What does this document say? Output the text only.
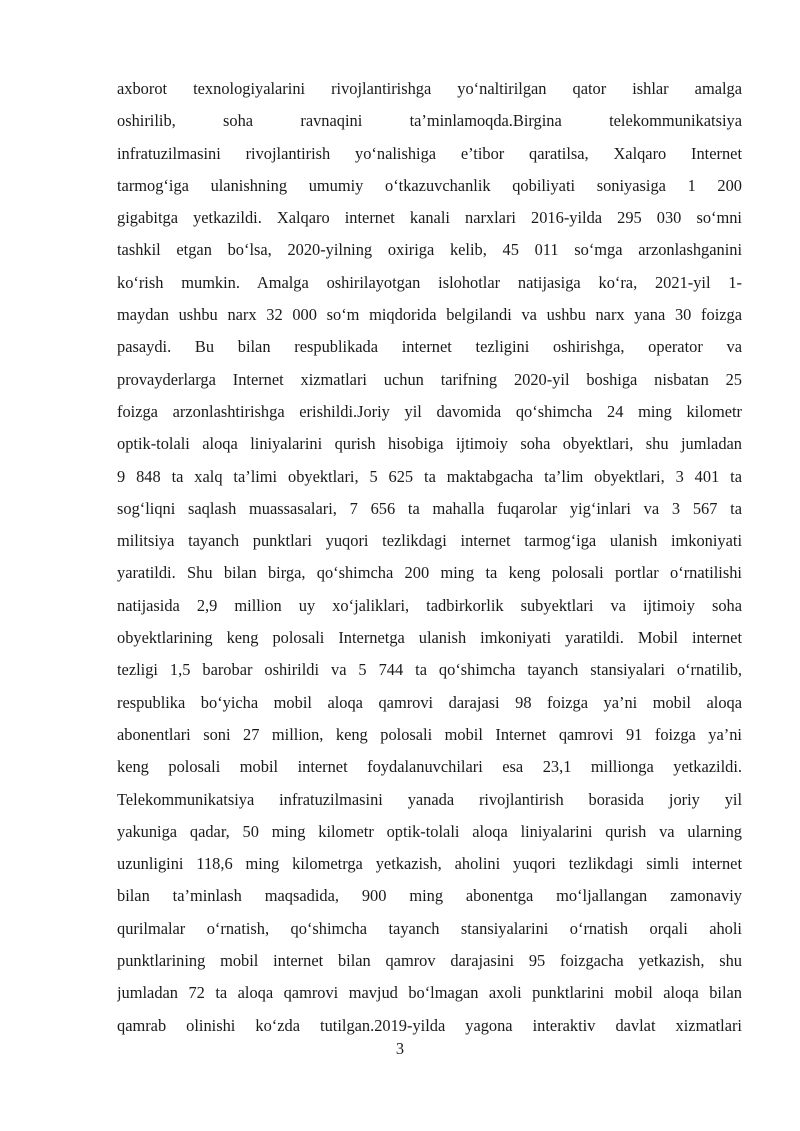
axborot texnologiyalarini rivojlantirishga yo‘naltirilgan qator ishlar amalga
oshirilib, soha ravnaqini ta’minlamoqda.Birgina telekommunikatsiya
infratuzilmasini rivojlantirish yo‘nalishiga e’tibor qaratilsa, Xalqaro Internet
tarmog‘iga ulanishning umumiy o‘tkazuvchanlik qobiliyati soniyasiga 1 200
gigabitga yetkazildi. Xalqaro internet kanali narxlari 2016-yilda 295 030 so‘mni
tashkil etgan bo‘lsa, 2020-yilning oxiriga kelib, 45 011 so‘mga arzonlashganini
ko‘rish mumkin. Amalga oshirilayotgan islohotlar natijasiga ko‘ra, 2021-yil 1-
maydan ushbu narx 32 000 so‘m miqdorida belgilandi va ushbu narx yana 30 foizga
pasaydi. Bu bilan respublikada internet tezligini oshirishga, operator va
provayderlarga Internet xizmatlari uchun tarifning 2020-yil boshiga nisbatan 25
foizga arzonlashtirishga erishildi.Joriy yil davomida qo‘shimcha 24 ming kilometr
optik-tolali aloqa liniyalarini qurish hisobiga ijtimoiy soha obyektlari, shu jumladan
9 848 ta xalq ta’limi obyektlari, 5 625 ta maktabgacha ta’lim obyektlari, 3 401 ta
sog‘liqni saqlash muassasalari, 7 656 ta mahalla fuqarolar yig‘inlari va 3 567 ta
militsiya tayanch punktlari yuqori tezlikdagi internet tarmog‘iga ulanish imkoniyati
yaratildi. Shu bilan birga, qo‘shimcha 200 ming ta keng polosali portlar o‘rnatilishi
natijasida 2,9 million uy xo‘jaliklari, tadbirkorlik subyektlari va ijtimoiy soha
obyektlarining keng polosali Internetga ulanish imkoniyati yaratildi. Mobil internet
tezligi 1,5 barobar oshirildi va 5 744 ta qo‘shimcha tayanch stansiyalari o‘rnatilib,
respublika bo‘yicha mobil aloqa qamrovi darajasi 98 foizga ya’ni mobil aloqa
abonentlari soni 27 million, keng polosali mobil Internet qamrovi 91 foizga ya’ni
keng polosali mobil internet foydalanuvchilari esa 23,1 millionga yetkazildi.
Telekommunikatsiya infratuzilmasini yanada rivojlantirish borasida joriy yil
yakuniga qadar, 50 ming kilometr optik-tolali aloqa liniyalarini qurish va ularning
uzunligini 118,6 ming kilometrga yetkazish, aholini yuqori tezlikdagi simli internet
bilan ta’minlash maqsadida, 900 ming abonentga mo‘ljallangan zamonaviy
qurilmalar o‘rnatish, qo‘shimcha tayanch stansiyalarini o‘rnatish orqali aholi
punktlarining mobil internet bilan qamrov darajasini 95 foizgacha yetkazish, shu
jumladan 72 ta aloqa qamrovi mavjud bo‘lmagan axoli punktlarini mobil aloqa bilan
qamrab olinishi ko‘zda tutilgan.2019-yilda yagona interaktiv davlat xizmatlari
3
